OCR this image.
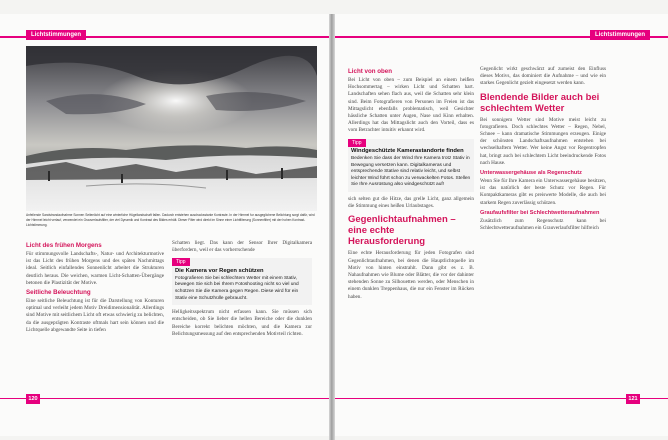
Lichtstimmungen	Lichtstimmungen
Anfeilende Sandstrandaufnahme Sonnen Seitenlicht auf eine winterliche Hügellandschaft fallen. Dadurch entstehen ausdrucksstarke Kontraste. In der Himmel fur ausgeglichene Belichtung sorgt dafür, wird der Himmel leicht verlauf, verwendet ein Grauverlaufsfilter, der viel Dynamik und Kontrast des Bildes erhält. Dieser Filter wird direkt im Sinne einer Lichtfilterung (Sonnenfilter) mit der hohen Kontrast-Lichtstimmung.
Licht des frühen Morgens

Für stimmungsvolle Landschafts-, Natur- und Architekturmotive ist das Licht des frühen Morgens und des späten Nachmittags ideal. Seitlich einfallendes Sonnenlicht arbeitet die Strukturen deutlich heraus. Die weichen, warmen Licht-Schatten-Übergänge betonen die Plastizität der Motive.

Seitliche Beleuchtung

Eine seitliche Beleuchtung ist für die Darstellung von Konturen optimal und verleiht jedem Motiv Dreidimensionalität. Allerdings sind Motive mit seitlichem Licht oft etwas schwierig zu belichten, da die ausgeprägten Kontraste oftmals hart sein können und die Lichtquelle abgewandte Seite in tiefen

Schatten liegt. Das kann der Sensor Ihrer Digitalkamera überfordern, weil er das vorherrschende

Tipp
Die Kamera vor Regen schützen
Fotografieren Sie bei schlechtem Wetter mit einem Stativ, bewegen Sie sich bei Ihrem Fotoshooting nicht so viel und schützen Sie die Kamera gegen Regen. Diese wird für ein Stativ eine Schutzhülle gebraucht.

Helligkeitsspektrum nicht erfassen kann. Sie müssen sich entscheiden, ob Sie lieber die hellen Bereiche oder die dunklen Bereiche korrekt belichten möchten, und die Kamera zur Belichtungsmessung auf den entsprechenden Motivteil richten.

120
Licht von oben

Bei Licht von oben – zum Beispiel an einem heißen Hochsommertag – wirken Licht und Schatten hart. Landschaften sehen flach aus, weil die Schatten sehr klein sind. Beim Fotografieren von Personen im Freien ist das Mittagslicht ebenfalls problematisch, weil Gesichter hässliche Schatten unter Augen, Nase und Kinn erhalten. Allerdings hat das Mittagslicht auch den Vorteil, dass es vom Betrachter intuitiv erkannt wird.

Tipp
Windgeschützte Kamerastandorte finden
Bedenken Sie dass der Wind Ihre Kamera trotz Stativ in Bewegung versetzen kann. Digitalkameras und entsprechende Stative sind relativ leicht, und selbst leichter Wind führt schon zu verwackelten Fotos. Stellen Sie Ihre Ausrüstung also windgeschützt auf!

sich selten gut die Hitze, das grelle Licht, ganz allgemein die Stimmung eines heißen Urlaubstages.

Gegenlichtaufnahmen – eine echte Herausforderung

Eine echte Herausforderung für jeden Fotografen sind Gegenlichtaufnahmen, bei denen die Hauptlichtquelle im Motiv von hinten einstrahlt. Dann gibt es z. B. Nahaufnahmen wie Blume oder Blätter, die vor der dahinter stehenden Sonne zu Silhouetten werden, oder Menschen in einem dunklen Treppenhaus, die nur ein Fenster im Rücken haben.

Gegenlicht wirkt geschwärzt auf zumeist den Einfluss dieses Motivs, das dominiert die Aufnahme – und wie ein starkes Gegenlicht gezielt eingesetzt werden kann.

Blendende Bilder auch bei schlechtem Wetter

Bei sonnigem Wetter sind Motive meist leicht zu fotografieren. Doch schlechtes Wetter – Regen, Nebel, Schnee – kann dramatische Stimmungen erzeugen. Einige der schönsten Landschaftsaufnahmen entstehen bei wechselhaftem Wetter. Wer keine Angst vor Regentropfen hat, bringt auch bei schlechtem Licht beeindruckende Fotos nach Hause.

Unterwassergehäuse als Regenschutz

Wenn Sie für Ihre Kamera ein Unterwassergehäuse besitzen, ist das natürlich der beste Schutz vor Regen. Für Kompaktkameras gibt es preiswerte Modelle, die auch bei starkem Regen zuverlässig schützen.

Graufaufsfilter bei Schlechtwetteraufnahmen

Zusätzlich zum Regenschutz kann bei Schlechtwetteraufnahmen ein Grauverlaufsfilter hilfreich

121
